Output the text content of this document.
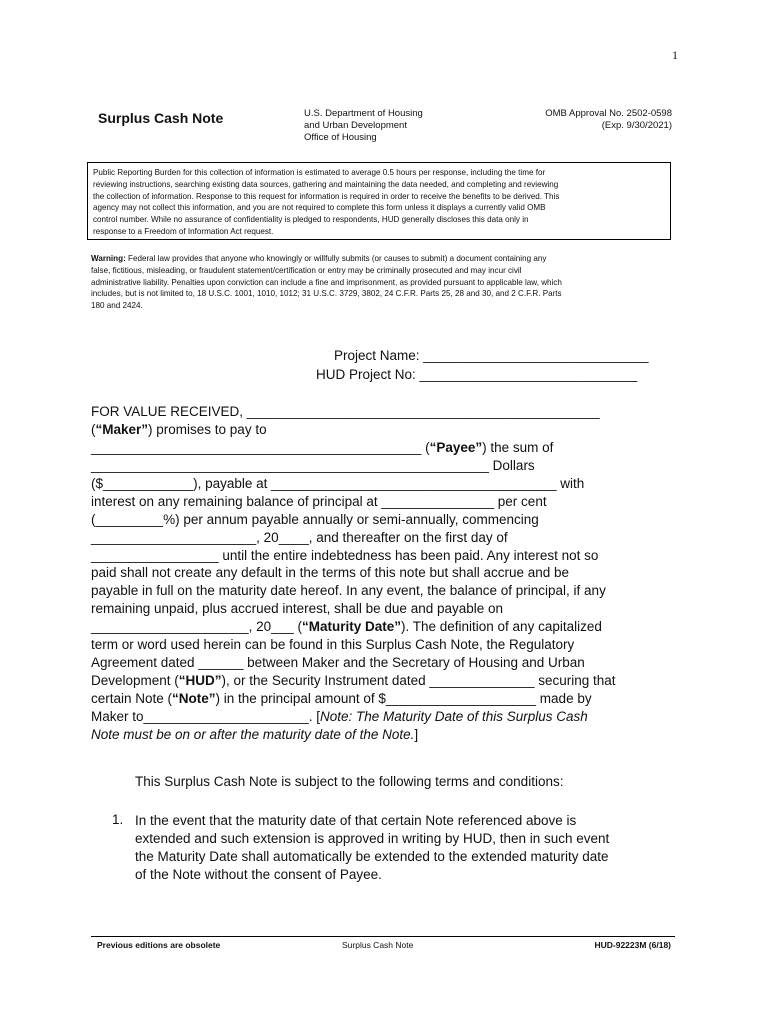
1
Surplus Cash Note	U.S. Department of Housing
and Urban Development
Office of Housing
OMB Approval No. 2502-0598
(Exp. 9/30/2021)
Public Reporting Burden for this collection of information is estimated to average 0.5 hours per response, including the time for
reviewing instructions, searching existing data sources, gathering and maintaining the data needed, and completing and reviewing
the collection of information. Response to this request for information is required in order to receive the benefits to be derived. This
agency may not collect this information, and you are not required to complete this form unless it displays a currently valid OMB
control number. While no assurance of confidentiality is pledged to respondents, HUD generally discloses this data only in
response to a Freedom of Information Act request.
Warning: Federal law provides that anyone who knowingly or willfully submits (or causes to submit) a document containing any
false, fictitious, misleading, or fraudulent statement/certification or entry may be criminally prosecuted and may incur civil
administrative liability. Penalties upon conviction can include a fine and imprisonment, as provided pursuant to applicable law, which
includes, but is not limited to, 18 U.S.C. 1001, 1010, 1012; 31 U.S.C. 3729, 3802, 24 C.F.R. Parts 25, 28 and 30, and 2 C.F.R. Parts
180 and 2424.
Project Name: ______________________________
HUD Project No: _____________________________
FOR VALUE RECEIVED, _______________________________________________
(“Maker”) promises to pay to
____________________________________________ (“Payee”) the sum of
_____________________________________________________ Dollars
($____________), payable at ______________________________________ with
interest on any remaining balance of principal at _______________ per cent
(_________%) per annum payable annually or semi-annually, commencing
______________________, 20____, and thereafter on the first day of
_________________ until the entire indebtedness has been paid. Any interest not so
paid shall not create any default in the terms of this note but shall accrue and be
payable in full on the maturity date hereof. In any event, the balance of principal, if any
remaining unpaid, plus accrued interest, shall be due and payable on
_____________________, 20___ (“Maturity Date”). The definition of any capitalized
term or word used herein can be found in this Surplus Cash Note, the Regulatory
Agreement dated ______ between Maker and the Secretary of Housing and Urban
Development (“HUD”), or the Security Instrument dated ______________ securing that
certain Note (“Note”) in the principal amount of $____________________ made by
Maker to______________________. [Note: The Maturity Date of this Surplus Cash
Note must be on or after the maturity date of the Note.]
This Surplus Cash Note is subject to the following terms and conditions:
1. In the event that the maturity date of that certain Note referenced above is
extended and such extension is approved in writing by HUD, then in such event
the Maturity Date shall automatically be extended to the extended maturity date
of the Note without the consent of Payee.
Previous editions are obsolete	Surplus Cash Note	HUD-92223M (6/18)
